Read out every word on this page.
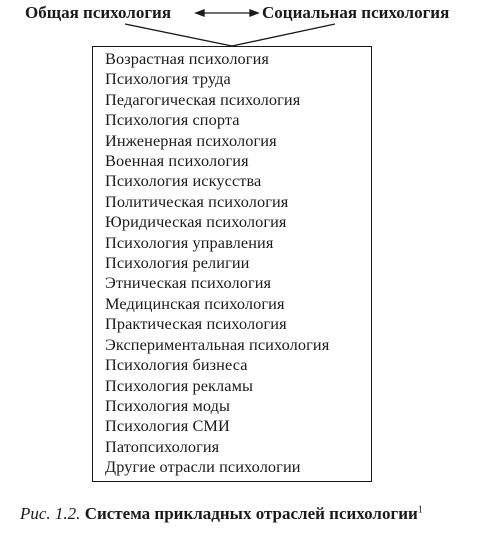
Общая психология	Социальная психология
Возрастная психология
Психология труда
Педагогическая психология
Психология спорта
Инженерная психология
Военная психология
Психология искусства
Политическая психология
Юридическая психология
Психология управления
Психология религии
Этническая психология
Медицинская психология
Практическая психология
Экспериментальная психология
Психология бизнеса
Психология рекламы
Психология моды
Психология СМИ
Патопсихология
Другие отрасли психологии
Рис. 1.2. Система прикладных отраслей психологии$^1$
